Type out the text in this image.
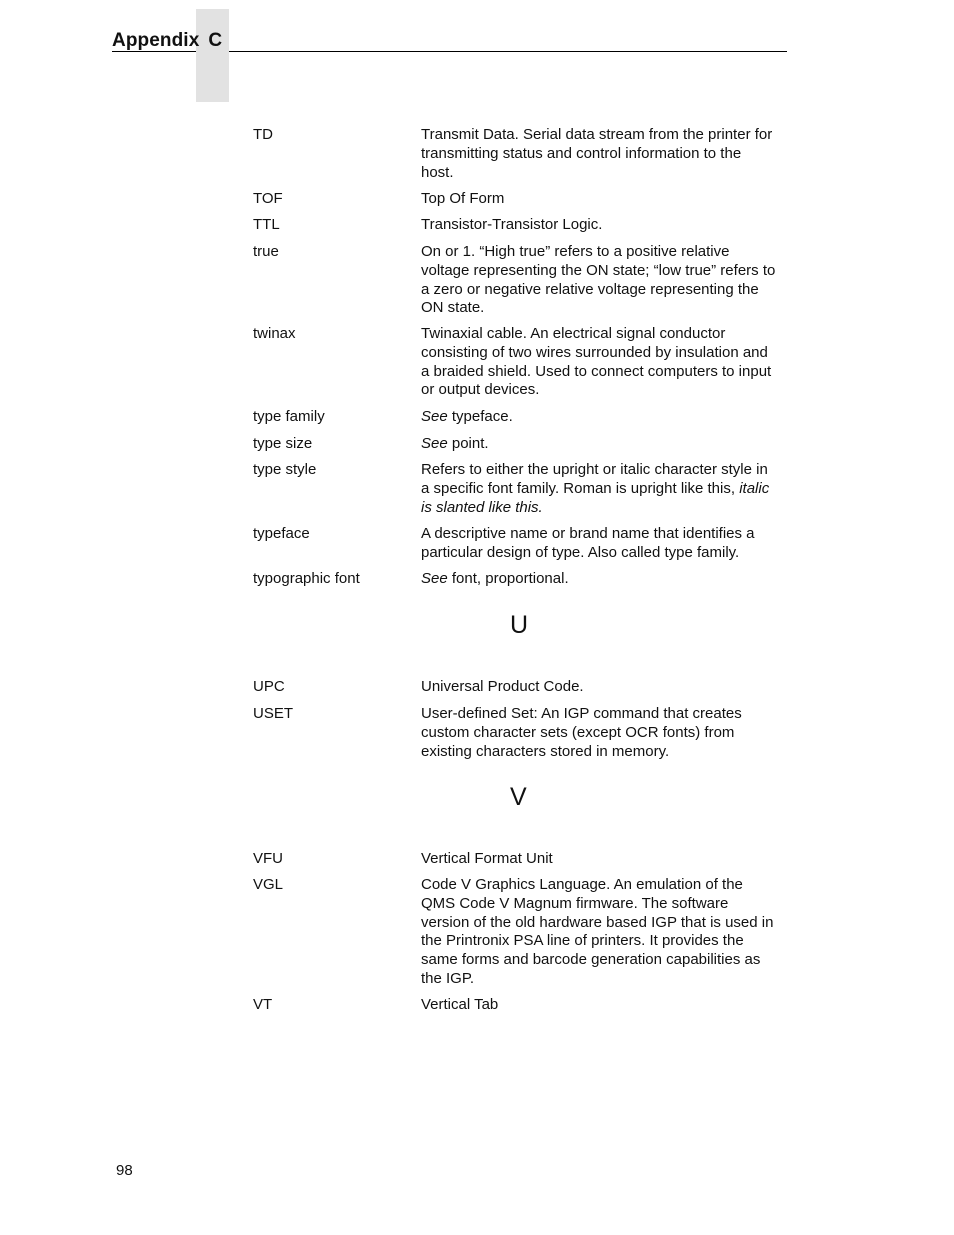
Appendix C
TD	Transmit Data. Serial data stream from the printer for
transmitting status and control information to the
host.
TOF	Top Of Form
TTL	Transistor-Transistor Logic.
true	On or 1. “High true” refers to a positive relative
voltage representing the ON state; “low true” refers to
a zero or negative relative voltage representing the
ON state.
twinax	Twinaxial cable. An electrical signal conductor
consisting of two wires surrounded by insulation and
a braided shield. Used to connect computers to input
or output devices.
type family	See typeface.
type size	See point.
type style	Refers to either the upright or italic character style in
a specific font family. Roman is upright like this, italic
is slanted like this.
typeface	A descriptive name or brand name that identifies a
particular design of type. Also called type family.
typographic font	See font, proportional.
U
UPC	Universal Product Code.
USET	User-defined Set: An IGP command that creates
custom character sets (except OCR fonts) from
existing characters stored in memory.
V
VFU	Vertical Format Unit
VGL	Code V Graphics Language. An emulation of the
QMS Code V Magnum firmware. The software
version of the old hardware based IGP that is used in
the Printronix PSA line of printers. It provides the
same forms and barcode generation capabilities as
the IGP.
VT	Vertical Tab
98
